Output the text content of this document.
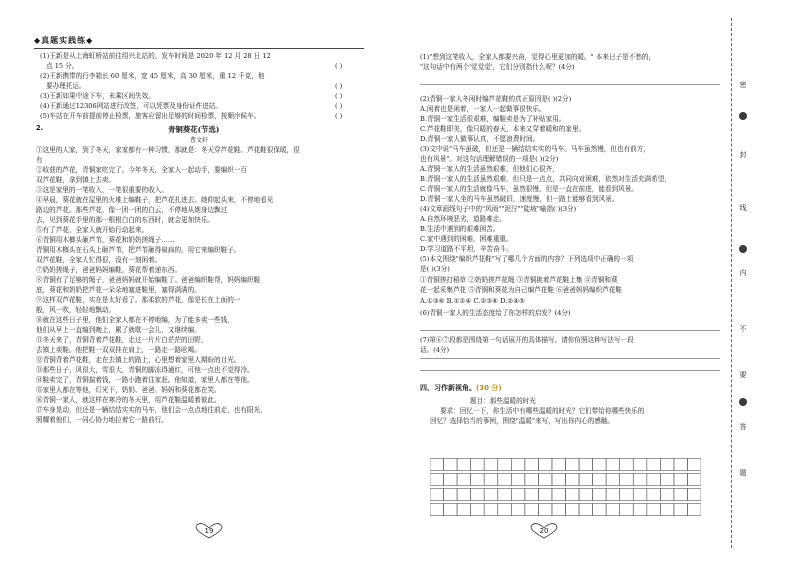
◆真题实践练◆
(1)王新是从上海虹桥站前往绍兴北站的，发车时间是 2020 年 12 月 28 日 12
点 15 分。
(2)王新携带的行李箱长 60 厘米，宽 45 厘米，高 30 厘米，重 12 千克，他
要办理托运。
(3)王新如果中途下车，未乘区间失效。
(4)王新通过12306网站进行改签，可以凭票及身份证件进站。
(5)车站在开车前提前停止检票，旅客应留出足够的时间检票，按顺序候车。
( )
( )
( )
( )
( )
2.	青铜葵花(节选)
曹文轩
①这里的人家，到了冬天，家家都有一种习惯，那就是：冬天穿芦花鞋。芦花鞋很保暖，很
有
②收获的芦花，青铜家吃完了。今年冬天，全家人一起动手，要编织一百
双芦花鞋，拿到镇上去卖。
③这是家里的一笔收入，一笔很重要的收入。
④早晨，葵花就在屋里的火堆上编鞋子，把芦花扎进去。她仰起头来，不停地看见
路边的芦花。那些芦花，像一团一团的白云，不停地从她身边飘过
去，见到葵花手里的那一根根白白的东西时，就会更加快乐。
⑤有了芦花，全家人就开始行动起来。
⑥青铜用木榔头砸芦苇，葵花和奶奶搓绳子……
青铜用木榔头在石头上砸芦苇，把芦苇砸得扁扁的，用它来编织鞋子。
双芦花鞋，全家人忙得很，没有一刻闲着。
⑦奶奶搓绳子，爸爸妈妈编鞋，葵花帮着递东西。
⑧青铜有了足够的绳子，爸爸妈妈就开始编鞋了。爸爸编织鞋帮，妈妈编织鞋
底，葵花和奶奶把芦花一朵朵地塞进鞋里，塞得满满的。
⑨这样双芦花鞋，实在是太好看了。那柔软的芦花，像是长在上面的一
般，风一吹，轻轻地飘动。
⑩就在这些日子里，他们全家人都在不停地编，为了能多卖一些钱，
他们从早上一直编到晚上，累了就歇一会儿，又继续编。
⑪冬天来了，青铜背着芦花鞋，走过一片片白茫茫的田野，
去镇上卖鞋。他把鞋一双双挂在肩上，一路走一路吆喝。
⑫青铜背着芦花鞋，走在去镇上的路上，心里想着家里人期盼的目光。
⑬那些日子，风很大，雪很大，青铜的脚冻得通红，可他一点也不觉得冷。
⑭鞋卖完了，青铜揣着钱，一路小跑着往家赶。他知道，家里人都在等他。
⑮家里人都在等他，灯光下，奶奶、爸爸、妈妈和葵花都在笑。
⑯青铜一家人，就这样在寒冷的冬天里，用芦花鞋温暖着彼此。
⑰车身晃动，但还是一辆结结实实的马车，他们会一点点地往前走，也有阳光，
照耀着他们，一同心协力地拉着它一路前行。
19
(1)"想到这笔收入，全家人都要兴奋，觉得心里更加的暖。" 本来日子是不愁的，
"这句话中有两个'觉觉觉'，它们分别指什么呢？(4分)
(2)青铜一家人冬闲时编芦花鞋的真正原因是( )(2分)
A.闲着也是闲着，一家人一起做事很快乐。
B.青铜一家生活很艰难，编鞋卖是为了补贴家用。
C.芦花鞋即美，像只暖的春天，本来又穿着暖和的家里。
D.青铜一家人做事认真，不愿浪费时间。
(3)文中说"马车虽破，但还是一辆结结实实的马车。马车虽然慢，但也有前方，
也有风景"。对这句话理解错误的一项是( )(2分)
A.青铜一家人的生活虽然艰难，但他们心很齐，
B.青铜一家人的生活虽然艰难，但只是一点点，共同向对困难，依然对生活充满希望，
C.青铜一家人的生活就像马车，虽然很慢，但是一直在前进，能看到风景。
D.青铜一家人坐的马车虽然破旧，速度慢，但一路上能够看到风景。
(4)文章画线句子中的"风雨""泥泞""陡坡"喻指( )(3分)
A.自然环境恶劣，道路难走。
B.生活中遇到的艰难困苦。
C.家中遇到的困难，困难重重。
D.学习道路不平坦，辛苦奋斗。
(5)本文围绕"编织芦花鞋"写了哪几个方面的内容？下列选项中正确的一项
是( )(3分)
①青铜搓打稻草 ②奶奶搓芦花绳 ③青铜挑着芦花鞋上集 ④青铜和葵
花一起采集芦花 ⑤青铜和葵花为自己编芦花鞋 ⑥爸爸妈妈编织芦花鞋
A.①③⑥ B.①②④ C.②③⑥ D.②④⑤
(6)青铜一家人的生活态度给了你怎样的启发？(4分)
(7)第⑥⑦段都是围绕第一句话展开的具体描写。请你仿照这种写法写一段
话。(4分)
四、习作新视角。(30 分)
题目：那些温暖的时光
要求：回忆一下，你生活中有哪些温暖的时光？它们带给你哪些快乐的
回忆？选择恰当的事例，围绕"温暖"来写，写出你内心的感触。
20
密
封
线
内
不
要
答
题
